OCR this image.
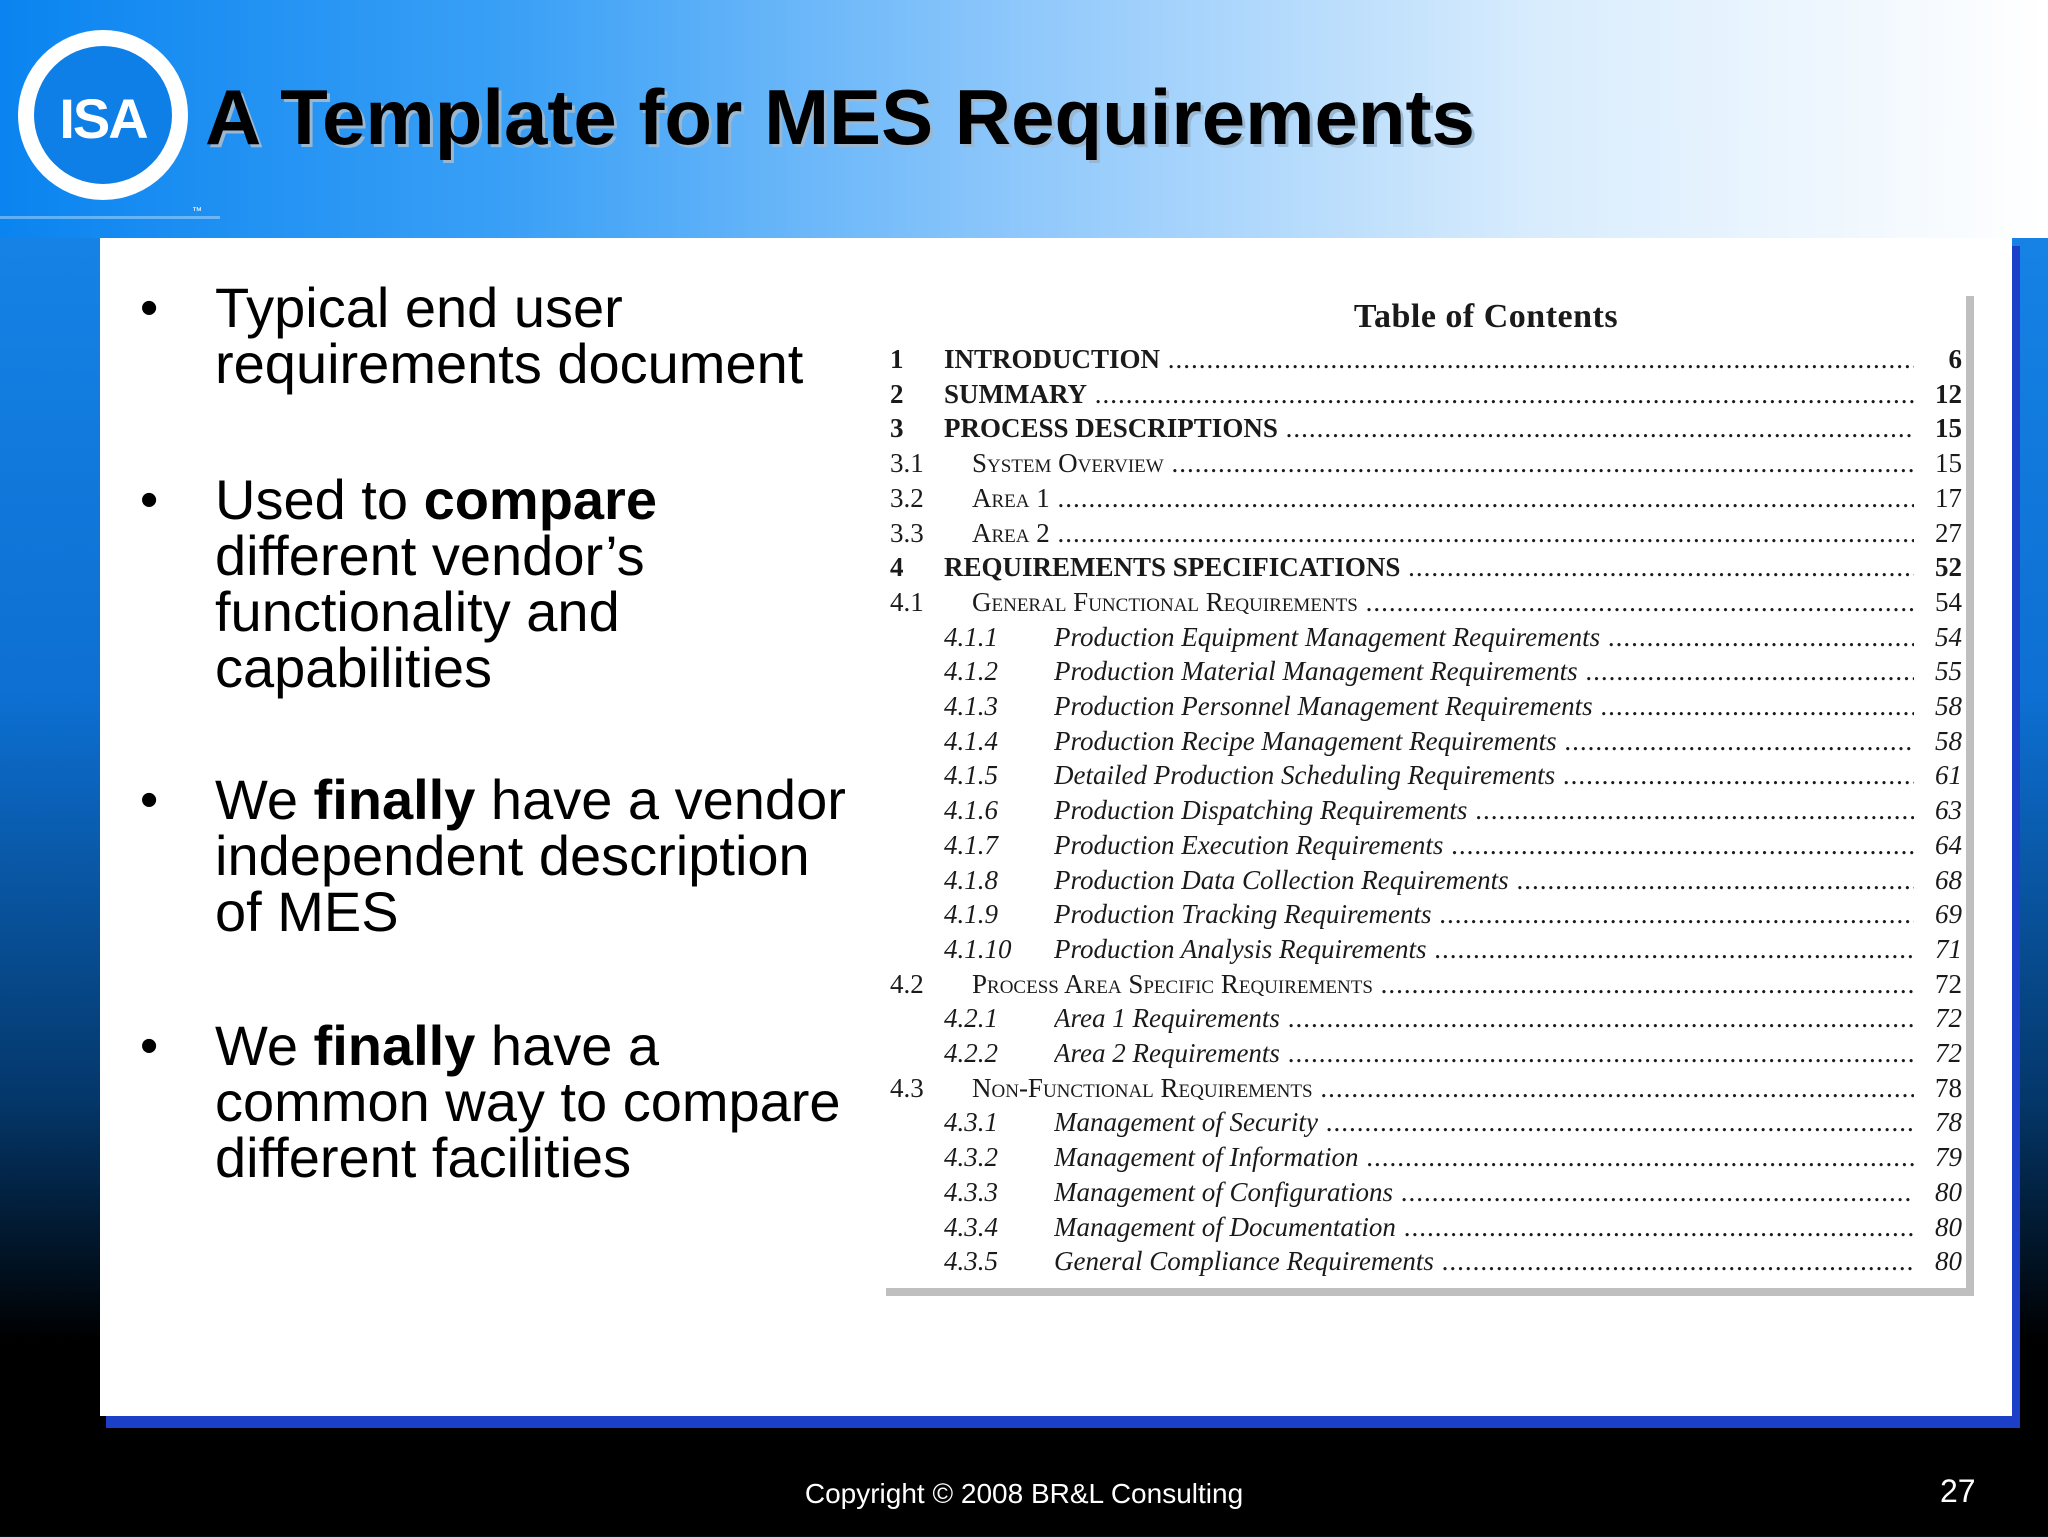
ISA
™
A Template for MES Requirements
• Typical end user requirements document
• Used to compare different vendor’s functionality and capabilities
• We finally have a vendor independent description of MES
• We finally have a common way to compare different facilities
Table of Contents
1 INTRODUCTION .....	6
2 SUMMARY .....	12
3 PROCESS DESCRIPTIONS .....	15
3.1 System Overview .....	15
3.2 Area 1 .....	17
3.3 Area 2 .....	27
4 REQUIREMENTS SPECIFICATIONS .....	52
4.1 General Functional Requirements .....	54
4.1.1 Production Equipment Management Requirements .....	54
4.1.2 Production Material Management Requirements .....	55
4.1.3 Production Personnel Management Requirements .....	58
4.1.4 Production Recipe Management Requirements .....	58
4.1.5 Detailed Production Scheduling Requirements .....	61
4.1.6 Production Dispatching Requirements .....	63
4.1.7 Production Execution Requirements .....	64
4.1.8 Production Data Collection Requirements .....	68
4.1.9 Production Tracking Requirements .....	69
4.1.10 Production Analysis Requirements .....	71
4.2 Process Area Specific Requirements .....	72
4.2.1 Area 1 Requirements .....	72
4.2.2 Area 2 Requirements .....	72
4.3 Non-Functional Requirements .....	78
4.3.1 Management of Security .....	78
4.3.2 Management of Information .....	79
4.3.3 Management of Configurations .....	80
4.3.4 Management of Documentation .....	80
4.3.5 General Compliance Requirements .....	80
Copyright © 2008 BR&L Consulting	27
